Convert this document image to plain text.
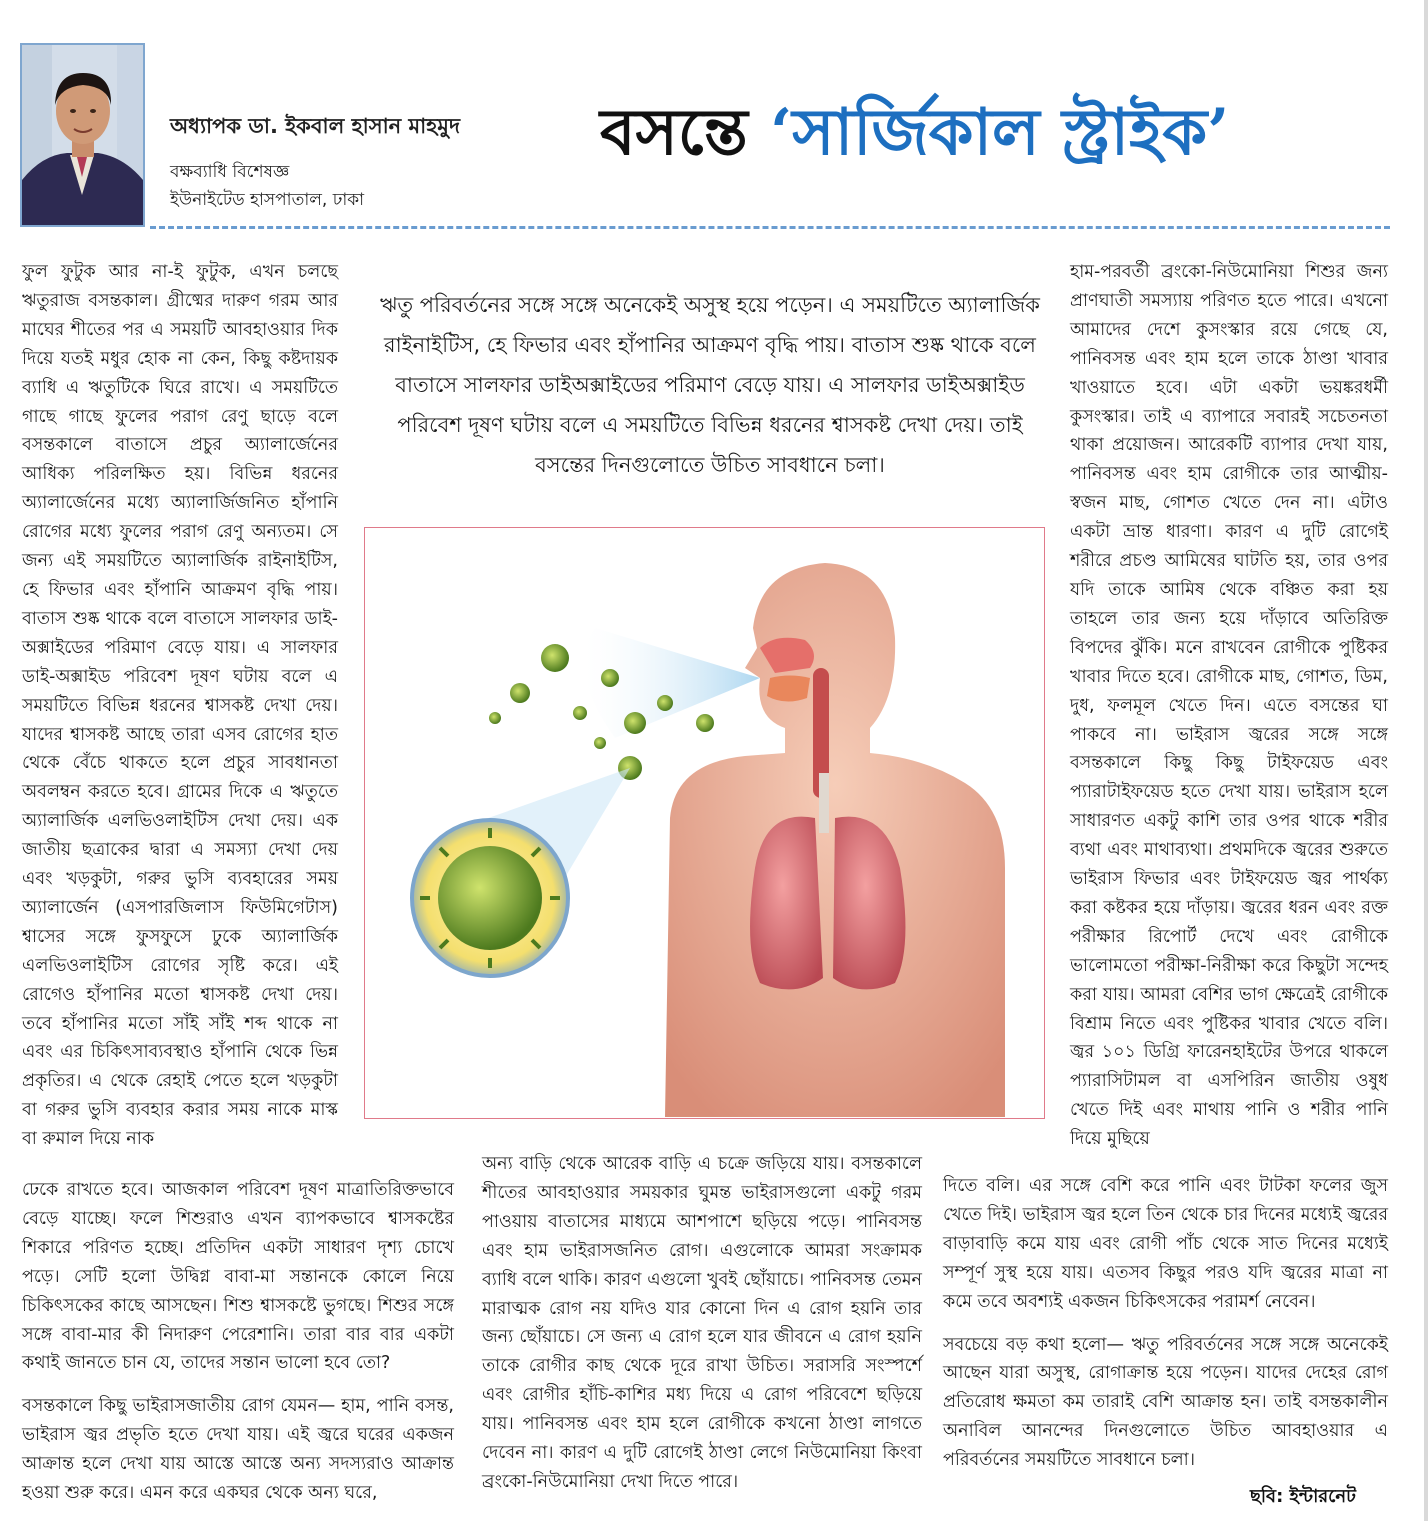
অধ্যাপক ডা. ইকবাল হাসান মাহমুদ
বক্ষব্যাধি বিশেষজ্ঞ
ইউনাইটেড হাসপাতাল, ঢাকা
বসন্তে ‘সার্জিকাল স্ট্রাইক’

ফুল ফুটুক আর না-ই ফুটুক, এখন চলছে ঋতুরাজ বসন্তকাল। গ্রীষ্মের দারুণ গরম আর মাঘের শীতের পর এ সময়টি আবহাওয়ার দিক দিয়ে যতই মধুর হোক না কেন, কিছু কষ্টদায়ক ব্যাধি এ ঋতুটিকে ঘিরে রাখে। এ সময়টিতে গাছে গাছে ফুলের পরাগ রেণু ছাড়ে বলে বসন্তকালে বাতাসে প্রচুর অ্যালার্জেনের আধিক্য পরিলক্ষিত হয়। বিভিন্ন ধরনের অ্যালার্জেনের মধ্যে অ্যালার্জিজনিত হাঁপানি রোগের মধ্যে ফুলের পরাগ রেণু অন্যতম। সে জন্য এই সময়টিতে অ্যালার্জিক রাইনাইটিস, হে ফিভার এবং হাঁপানি আক্রমণ বৃদ্ধি পায়। বাতাস শুষ্ক থাকে বলে বাতাসে সালফার ডাই-অক্সাইডের পরিমাণ বেড়ে যায়। এ সালফার ডাই-অক্সাইড পরিবেশ দূষণ ঘটায় বলে এ সময়টিতে বিভিন্ন ধরনের শ্বাসকষ্ট দেখা দেয়। যাদের শ্বাসকষ্ট আছে তারা এসব রোগের হাত থেকে বেঁচে থাকতে হলে প্রচুর সাবধানতা অবলম্বন করতে হবে। গ্রামের দিকে এ ঋতুতে অ্যালার্জিক এলভিওলাইটিস দেখা দেয়। এক জাতীয় ছত্রাকের দ্বারা এ সমস্যা দেখা দেয় এবং খড়কুটা, গরুর ভুসি ব্যবহারের সময় অ্যালার্জেন (এসপারজিলাস ফিউমিগেটাস) শ্বাসের সঙ্গে ফুসফুসে ঢুকে অ্যালার্জিক এলভিওলাইটিস রোগের সৃষ্টি করে। এই রোগেও হাঁপানির মতো শ্বাসকষ্ট দেখা দেয়। তবে হাঁপানির মতো সাঁই সাঁই শব্দ থাকে না এবং এর চিকিৎসাব্যবস্থাও হাঁপানি থেকে ভিন্ন প্রকৃতির। এ থেকে রেহাই পেতে হলে খড়কুটা বা গরুর ভুসি ব্যবহার করার সময় নাকে মাস্ক বা রুমাল দিয়ে নাক

ঢেকে রাখতে হবে। আজকাল পরিবেশ দূষণ মাত্রাতিরিক্তভাবে বেড়ে যাচ্ছে। ফলে শিশুরাও এখন ব্যাপকভাবে শ্বাসকষ্টের শিকারে পরিণত হচ্ছে। প্রতিদিন একটা সাধারণ দৃশ্য চোখে পড়ে। সেটি হলো উদ্বিগ্ন বাবা-মা সন্তানকে কোলে নিয়ে চিকিৎসকের কাছে আসছেন। শিশু শ্বাসকষ্টে ভুগছে। শিশুর সঙ্গে সঙ্গে বাবা-মার কী নিদারুণ পেরেশানি। তারা বার বার একটা কথাই জানতে চান যে, তাদের সন্তান ভালো হবে তো?

বসন্তকালে কিছু ভাইরাসজাতীয় রোগ যেমন— হাম, পানি বসন্ত, ভাইরাস জ্বর প্রভৃতি হতে দেখা যায়। এই জ্বরে ঘরের একজন আক্রান্ত হলে দেখা যায় আস্তে আস্তে অন্য সদস্যরাও আক্রান্ত হওয়া শুরু করে। এমন করে একঘর থেকে অন্য ঘরে,

ঋতু পরিবর্তনের সঙ্গে সঙ্গে অনেকেই অসুস্থ হয়ে পড়েন। এ সময়টিতে অ্যালার্জিক রাইনাইটিস, হে ফিভার এবং হাঁপানির আক্রমণ বৃদ্ধি পায়। বাতাস শুষ্ক থাকে বলে বাতাসে সালফার ডাইঅক্সাইডের পরিমাণ বেড়ে যায়। এ সালফার ডাইঅক্সাইড পরিবেশ দূষণ ঘটায় বলে এ সময়টিতে বিভিন্ন ধরনের শ্বাসকষ্ট দেখা দেয়। তাই বসন্তের দিনগুলোতে উচিত সাবধানে চলা।

অন্য বাড়ি থেকে আরেক বাড়ি এ চক্রে জড়িয়ে যায়। বসন্তকালে শীতের আবহাওয়ার সময়কার ঘুমন্ত ভাইরাসগুলো একটু গরম পাওয়ায় বাতাসের মাধ্যমে আশপাশে ছড়িয়ে পড়ে। পানিবসন্ত এবং হাম ভাইরাসজনিত রোগ। এগুলোকে আমরা সংক্রামক ব্যাধি বলে থাকি। কারণ এগুলো খুবই ছোঁয়াচে। পানিবসন্ত তেমন মারাত্মক রোগ নয় যদিও যার কোনো দিন এ রোগ হয়নি তার জন্য ছোঁয়াচে। সে জন্য এ রোগ হলে যার জীবনে এ রোগ হয়নি তাকে রোগীর কাছ থেকে দূরে রাখা উচিত। সরাসরি সংস্পর্শে এবং রোগীর হাঁচি-কাশির মধ্য দিয়ে এ রোগ পরিবেশে ছড়িয়ে যায়। পানিবসন্ত এবং হাম হলে রোগীকে কখনো ঠাণ্ডা লাগতে দেবেন না। কারণ এ দুটি রোগেই ঠাণ্ডা লেগে নিউমোনিয়া কিংবা ব্রংকো-নিউমোনিয়া দেখা দিতে পারে।

হাম-পরবর্তী ব্রংকো-নিউমোনিয়া শিশুর জন্য প্রাণঘাতী সমস্যায় পরিণত হতে পারে। এখনো আমাদের দেশে কুসংস্কার রয়ে গেছে যে, পানিবসন্ত এবং হাম হলে তাকে ঠাণ্ডা খাবার খাওয়াতে হবে। এটা একটা ভয়ঙ্করধর্মী কুসংস্কার। তাই এ ব্যাপারে সবারই সচেতনতা থাকা প্রয়োজন। আরেকটি ব্যাপার দেখা যায়, পানিবসন্ত এবং হাম রোগীকে তার আত্মীয়-স্বজন মাছ, গোশত খেতে দেন না। এটাও একটা ভ্রান্ত ধারণা। কারণ এ দুটি রোগেই শরীরে প্রচণ্ড আমিষের ঘাটতি হয়, তার ওপর যদি তাকে আমিষ থেকে বঞ্চিত করা হয় তাহলে তার জন্য হয়ে দাঁড়াবে অতিরিক্ত বিপদের ঝুঁকি। মনে রাখবেন রোগীকে পুষ্টিকর খাবার দিতে হবে। রোগীকে মাছ, গোশত, ডিম, দুধ, ফলমূল খেতে দিন। এতে বসন্তের ঘা পাকবে না। ভাইরাস জ্বরের সঙ্গে সঙ্গে বসন্তকালে কিছু কিছু টাইফয়েড এবং প্যারাটাইফয়েড হতে দেখা যায়। ভাইরাস হলে সাধারণত একটু কাশি তার ওপর থাকে শরীর ব্যথা এবং মাথাব্যথা। প্রথমদিকে জ্বরের শুরুতে ভাইরাস ফিভার এবং টাইফয়েড জ্বর পার্থক্য করা কষ্টকর হয়ে দাঁড়ায়। জ্বরের ধরন এবং রক্ত পরীক্ষার রিপোর্ট দেখে এবং রোগীকে ভালোমতো পরীক্ষা-নিরীক্ষা করে কিছুটা সন্দেহ করা যায়। আমরা বেশির ভাগ ক্ষেত্রেই রোগীকে বিশ্রাম নিতে এবং পুষ্টিকর খাবার খেতে বলি। জ্বর ১০১ ডিগ্রি ফারেনহাইটের উপরে থাকলে প্যারাসিটামল বা এসপিরিন জাতীয় ওষুধ খেতে দিই এবং মাথায় পানি ও শরীর পানি দিয়ে মুছিয়ে

দিতে বলি। এর সঙ্গে বেশি করে পানি এবং টাটকা ফলের জুস খেতে দিই। ভাইরাস জ্বর হলে তিন থেকে চার দিনের মধ্যেই জ্বরের বাড়াবাড়ি কমে যায় এবং রোগী পাঁচ থেকে সাত দিনের মধ্যেই সম্পূর্ণ সুস্থ হয়ে যায়। এতসব কিছুর পরও যদি জ্বরের মাত্রা না কমে তবে অবশ্যই একজন চিকিৎসকের পরামর্শ নেবেন।

সবচেয়ে বড় কথা হলো— ঋতু পরিবর্তনের সঙ্গে সঙ্গে অনেকেই আছেন যারা অসুস্থ, রোগাক্রান্ত হয়ে পড়েন। যাদের দেহের রোগ প্রতিরোধ ক্ষমতা কম তারাই বেশি আক্রান্ত হন। তাই বসন্তকালীন অনাবিল আনন্দের দিনগুলোতে উচিত আবহাওয়ার এ পরিবর্তনের সময়টিতে সাবধানে চলা।

ছবি: ইন্টারনেট
